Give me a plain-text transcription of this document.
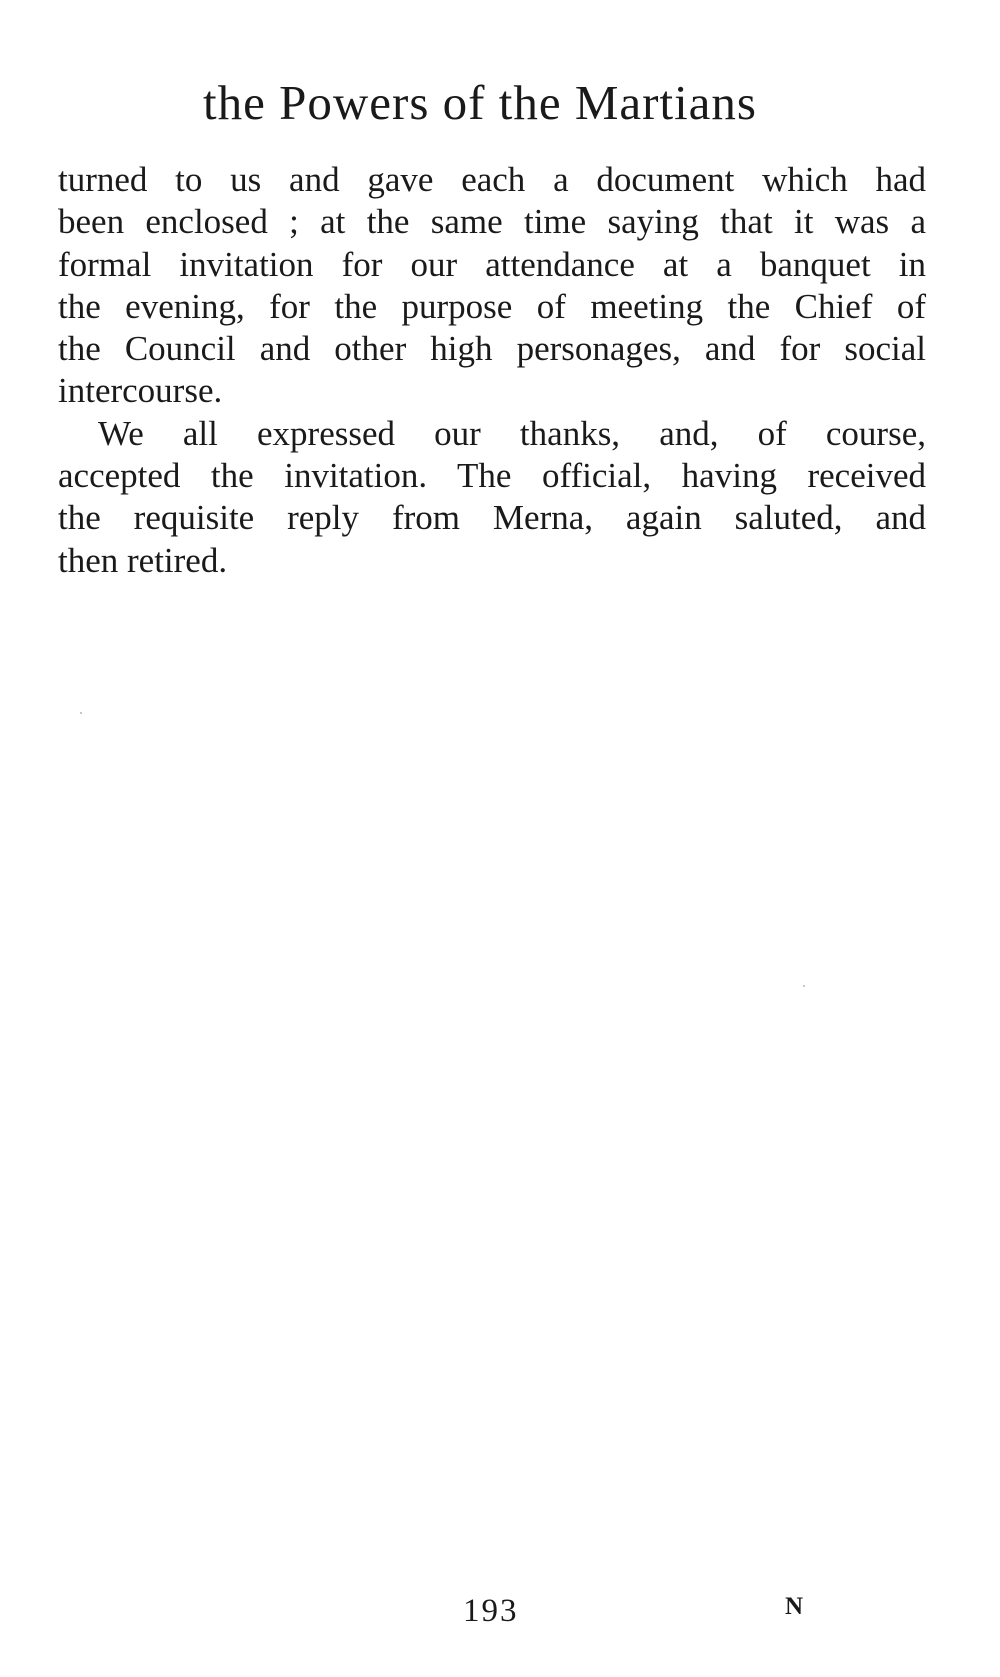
the Powers of the Martians
turned to us and gave each a document which had
been enclosed ; at the same time saying that it was a
formal invitation for our attendance at a banquet in
the evening, for the purpose of meeting the Chief of
the Council and other high personages, and for social
intercourse.
We all expressed our thanks, and, of course,
accepted the invitation. The official, having received
the requisite reply from Merna, again saluted, and
then retired.
193	N
